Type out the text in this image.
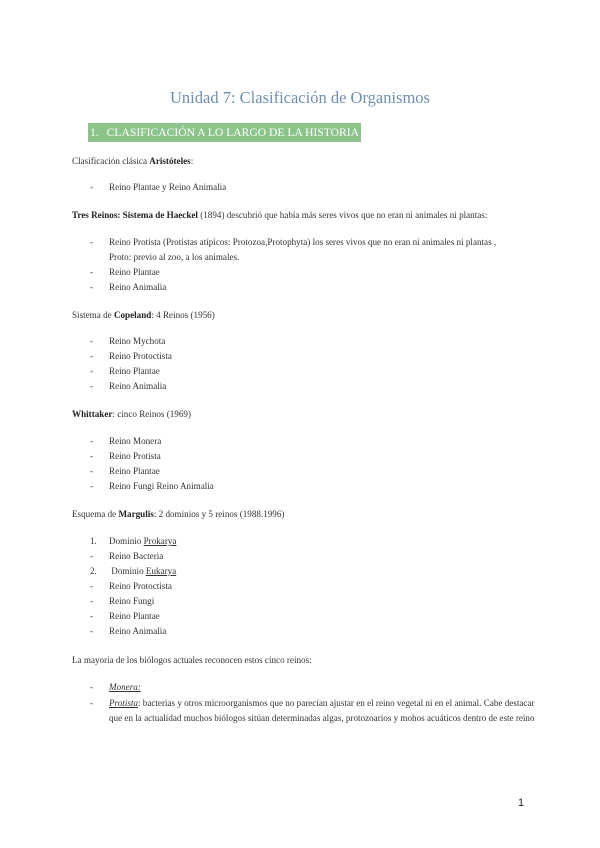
Unidad 7: Clasificación de Organismos
1. CLASIFICACIÓN A LO LARGO DE LA HISTORIA
Clasificación clásica Aristóteles:
- Reino Plantae y Reino Animalia
Tres Reinos: Sistema de Haeckel (1894) descubrió que había más seres vivos que no eran ni animales ni plantas:
- Reino Protista (Protistas atípicos: Protozoa,Protophyta) los seres vivos que no eran ni animales ni plantas ,
Proto: previo al zoo, a los animales.
- Reino Plantae
- Reino Animalia
Sistema de Copeland: 4 Reinos (1956)
- Reino Mychota
- Reino Protoctista
- Reino Plantae
- Reino Animalia
Whittaker: cinco Reinos (1969)
- Reino Monera
- Reino Protista
- Reino Plantae
- Reino Fungi Reino Animalia
Esquema de Margulis: 2 dominios y 5 reinos (1988.1996)
1. Dominio Prokarya
- Reino Bacteria
2. Dominio Eukarya
- Reino Protoctista
- Reino Fungi
- Reino Plantae
- Reino Animalia
La mayoría de los biólogos actuales reconocen estos cinco reinos:
- Monera:
- Protista: bacterias y otros microorganismos que no parecían ajustar en el reino vegetal ni en el animal. Cabe destacar que en la actualidad muchos biólogos sitúan determinadas algas, protozoarios y mohos acuáticos dentro de este reino
1
